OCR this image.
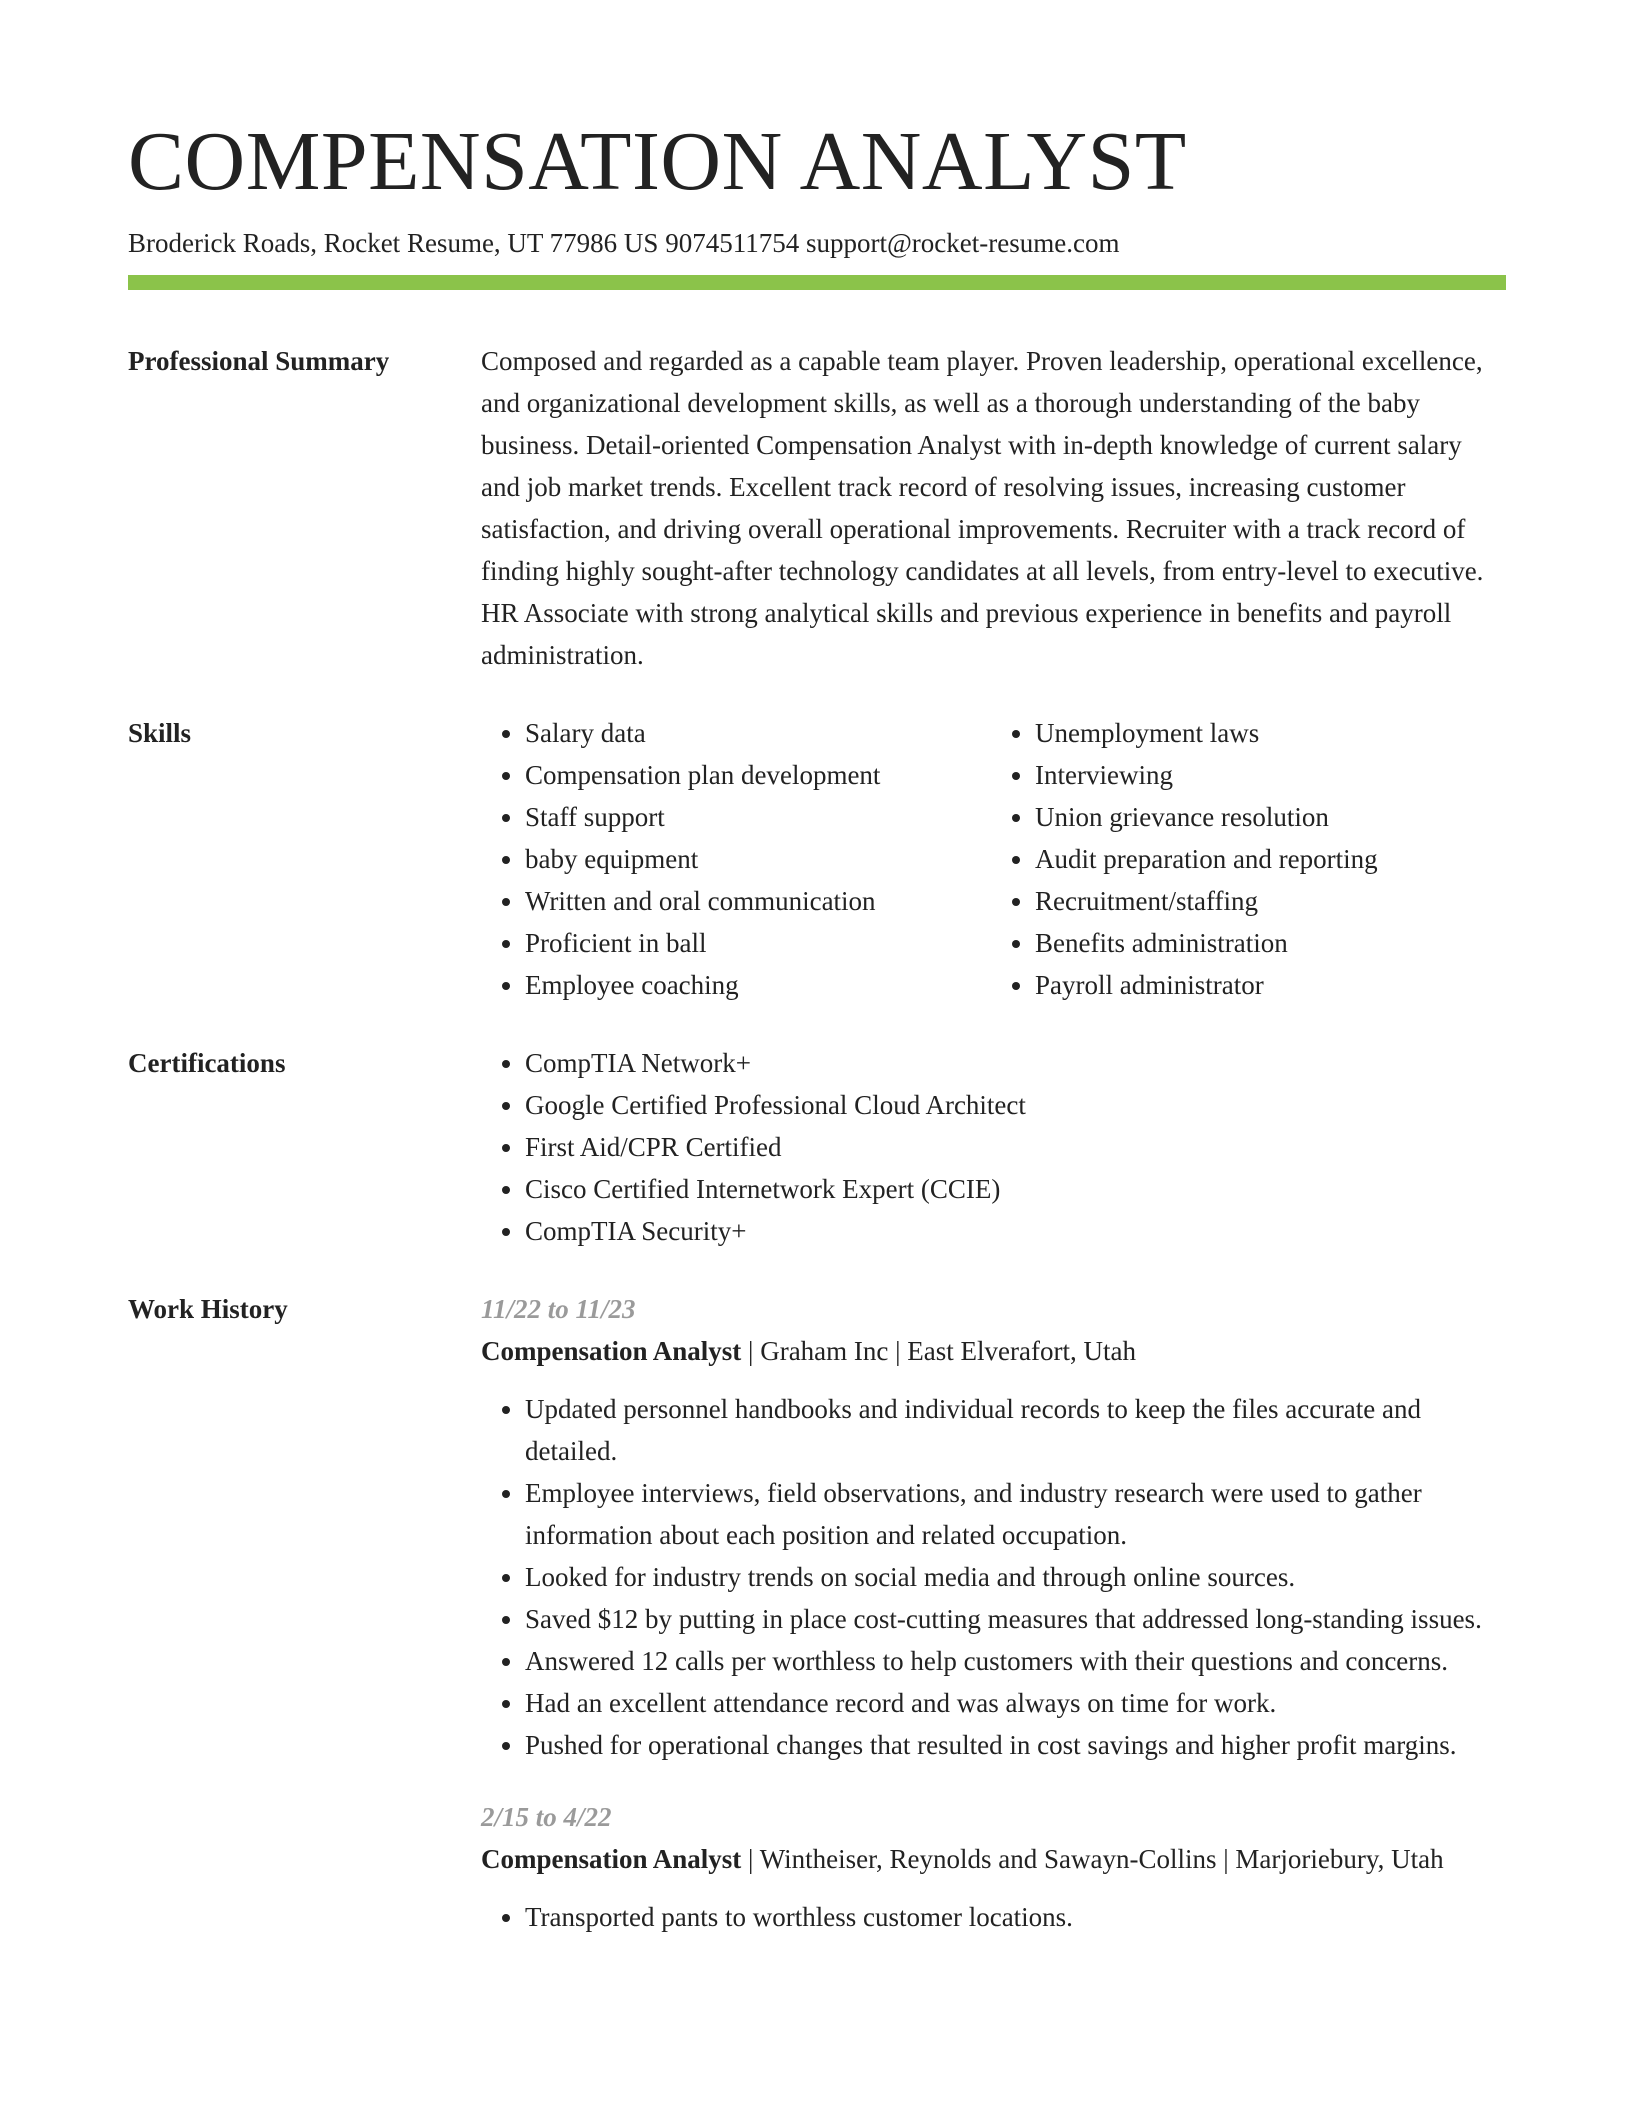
COMPENSATION ANALYST
Broderick Roads, Rocket Resume, UT 77986 US 9074511754 support@rocket-resume.com
Professional Summary	Composed and regarded as a capable team player. Proven leadership, operational excellence, and organizational development skills, as well as a thorough understanding of the baby business. Detail-oriented Compensation Analyst with in-depth knowledge of current salary and job market trends. Excellent track record of resolving issues, increasing customer satisfaction, and driving overall operational improvements. Recruiter with a track record of finding highly sought-after technology candidates at all levels, from entry-level to executive. HR Associate with strong analytical skills and previous experience in benefits and payroll administration.

Skills	• Salary data
• Compensation plan development
• Staff support
• baby equipment
• Written and oral communication
• Proficient in ball
• Employee coaching
• Unemployment laws
• Interviewing
• Union grievance resolution
• Audit preparation and reporting
• Recruitment/staffing
• Benefits administration
• Payroll administrator
Certifications	• CompTIA Network+
• Google Certified Professional Cloud Architect
• First Aid/CPR Certified
• Cisco Certified Internetwork Expert (CCIE)
• CompTIA Security+
Work History	11/22 to 11/23
Compensation Analyst | Graham Inc | East Elverafort, Utah
• Updated personnel handbooks and individual records to keep the files accurate and detailed.
• Employee interviews, field observations, and industry research were used to gather information about each position and related occupation.
• Looked for industry trends on social media and through online sources.
• Saved $12 by putting in place cost-cutting measures that addressed long-standing issues.
• Answered 12 calls per worthless to help customers with their questions and concerns.
• Had an excellent attendance record and was always on time for work.
• Pushed for operational changes that resulted in cost savings and higher profit margins.
2/15 to 4/22
Compensation Analyst | Wintheiser, Reynolds and Sawayn-Collins | Marjoriebury, Utah
• Transported pants to worthless customer locations.
